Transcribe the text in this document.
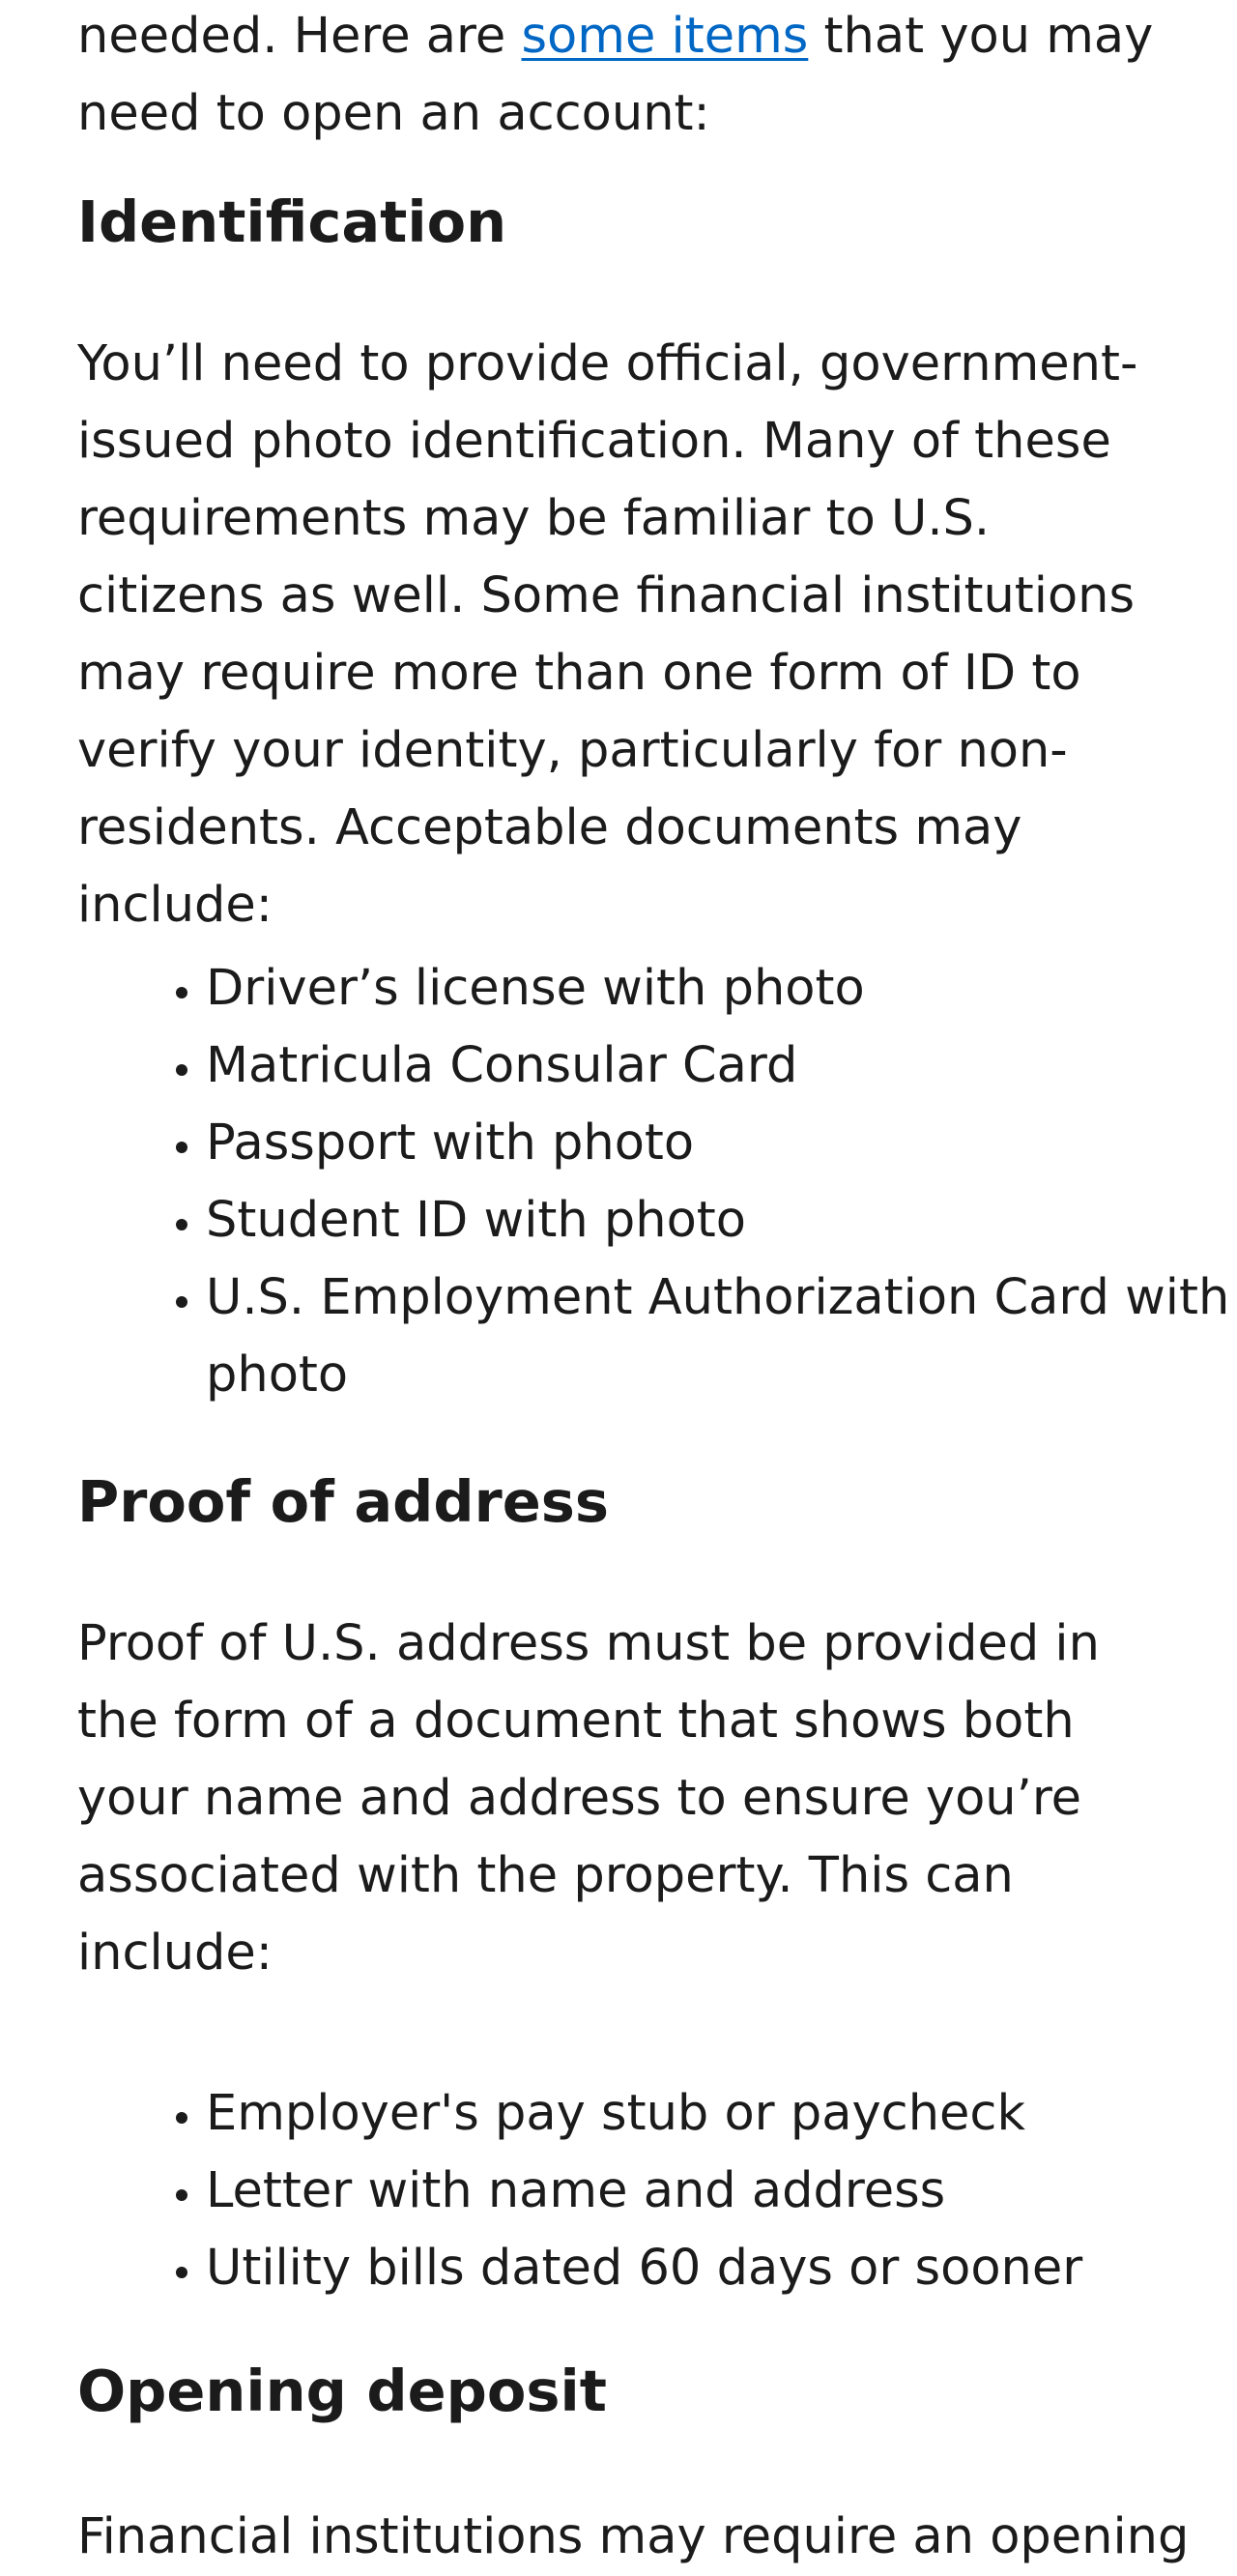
needed. Here are some items that you may need to open an account:

Identification

You’ll need to provide official, government-issued photo identification. Many of these requirements may be familiar to U.S. citizens as well. Some financial institutions may require more than one form of ID to verify your identity, particularly for non-residents. Acceptable documents may include:

• Driver’s license with photo
• Matricula Consular Card
• Passport with photo
• Student ID with photo
• U.S. Employment Authorization Card with photo
Proof of address

Proof of U.S. address must be provided in the form of a document that shows both your name and address to ensure you’re associated with the property. This can include:

• Employer's pay stub or paycheck
• Letter with name and address
• Utility bills dated 60 days or sooner
Opening deposit

Financial institutions may require an opening
